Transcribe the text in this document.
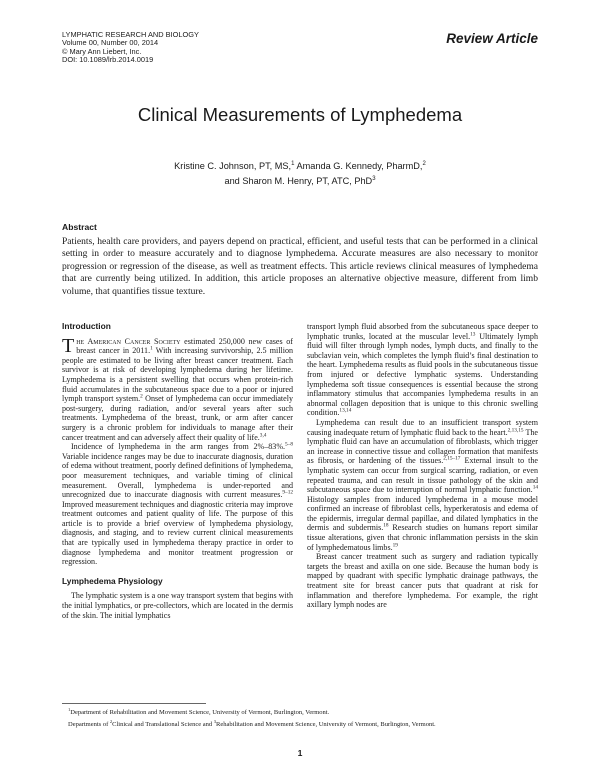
LYMPHATIC RESEARCH AND BIOLOGY
Volume 00, Number 00, 2014
© Mary Ann Liebert, Inc.
DOI: 10.1089/lrb.2014.0019
Review Article
Clinical Measurements of Lymphedema
Kristine C. Johnson, PT, MS,$^1$ Amanda G. Kennedy, PharmD,$^2$
and Sharon M. Henry, PT, ATC, PhD$^3$
Abstract

Patients, health care providers, and payers depend on practical, efficient, and useful tests that can be performed in a clinical setting in order to measure accurately and to diagnose lymphedema. Accurate measures are also necessary to monitor progression or regression of the disease, as well as treatment effects. This article reviews clinical measures of lymphedema that are currently being utilized. In addition, this article proposes an alternative objective measure, different from limb volume, that quantifies tissue texture.

Introduction

The American Cancer Society estimated 250,000 new cases of breast cancer in 2011.$^1$ With increasing survivorship, 2.5 million people are estimated to be living after breast cancer treatment. Each survivor is at risk of developing lymphedema during her lifetime. Lymphedema is a persistent swelling that occurs when protein-rich fluid accumulates in the subcutaneous space due to a poor or injured lymph transport system.$^2$ Onset of lymphedema can occur immediately post-surgery, during radiation, and/or several years after such treatments. Lymphedema of the breast, trunk, or arm after cancer surgery is a chronic problem for individuals to manage after their cancer treatment and can adversely affect their quality of life.$^{3,4}$

Incidence of lymphedema in the arm ranges from 2%–83%.$^{5-8}$ Variable incidence ranges may be due to inaccurate diagnosis, duration of edema without treatment, poorly defined definitions of lymphedema, poor measurement techniques, and variable timing of clinical measurement. Overall, lymphedema is under-reported and unrecognized due to inaccurate diagnosis with current measures.$^{9-12}$ Improved measurement techniques and diagnostic criteria may improve treatment outcomes and patient quality of life. The purpose of this article is to provide a brief overview of lymphedema physiology, diagnosis, and staging, and to review current clinical measurements that are typically used in lymphedema therapy practice in order to diagnose lymphedema and monitor treatment progression or regression.

Lymphedema Physiology

The lymphatic system is a one way transport system that begins with the initial lymphatics, or pre-collectors, which are located in the dermis of the skin. The initial lymphatics

transport lymph fluid absorbed from the subcutaneous space deeper to lymphatic trunks, located at the muscular level.$^{13}$ Ultimately lymph fluid will filter through lymph nodes, lymph ducts, and finally to the subclavian vein, which completes the lymph fluid’s final destination to the heart. Lymphedema results as fluid pools in the subcutaneous tissue from injured or defective lymphatic systems. Understanding lymphedema soft tissue consequences is essential because the strong inflammatory stimulus that accompanies lymphedema results in an abnormal collagen deposition that is unique to this chronic swelling condition.$^{13,14}$

Lymphedema can result due to an insufficient transport system causing inadequate return of lymphatic fluid back to the heart.$^{2,13,15}$ The lymphatic fluid can have an accumulation of fibroblasts, which trigger an increase in connective tissue and collagen formation that manifests as fibrosis, or hardening of the tissues.$^{2,15-17}$ External insult to the lymphatic system can occur from surgical scarring, radiation, or even repeated trauma, and can result in tissue pathology of the skin and subcutaneous space due to interruption of normal lymphatic function.$^{14}$ Histology samples from induced lymphedema in a mouse model confirmed an increase of fibroblast cells, hyperkeratosis and edema of the epidermis, irregular dermal papillae, and dilated lymphatics in the dermis and subdermis.$^{18}$ Research studies on humans report similar tissue alterations, given that chronic inflammation persists in the skin of lymphedematous limbs.$^{19}$

Breast cancer treatment such as surgery and radiation typically targets the breast and axilla on one side. Because the human body is mapped by quadrant with specific lymphatic drainage pathways, the treatment site for breast cancer puts that quadrant at risk for inflammation and therefore lymphedema. For example, the right axillary lymph nodes are

$^1$Department of Rehabilitation and Movement Science, University of Vermont, Burlington, Vermont.

Departments of $^2$Clinical and Translational Science and $^3$Rehabilitation and Movement Science, University of Vermont, Burlington, Vermont.

1
